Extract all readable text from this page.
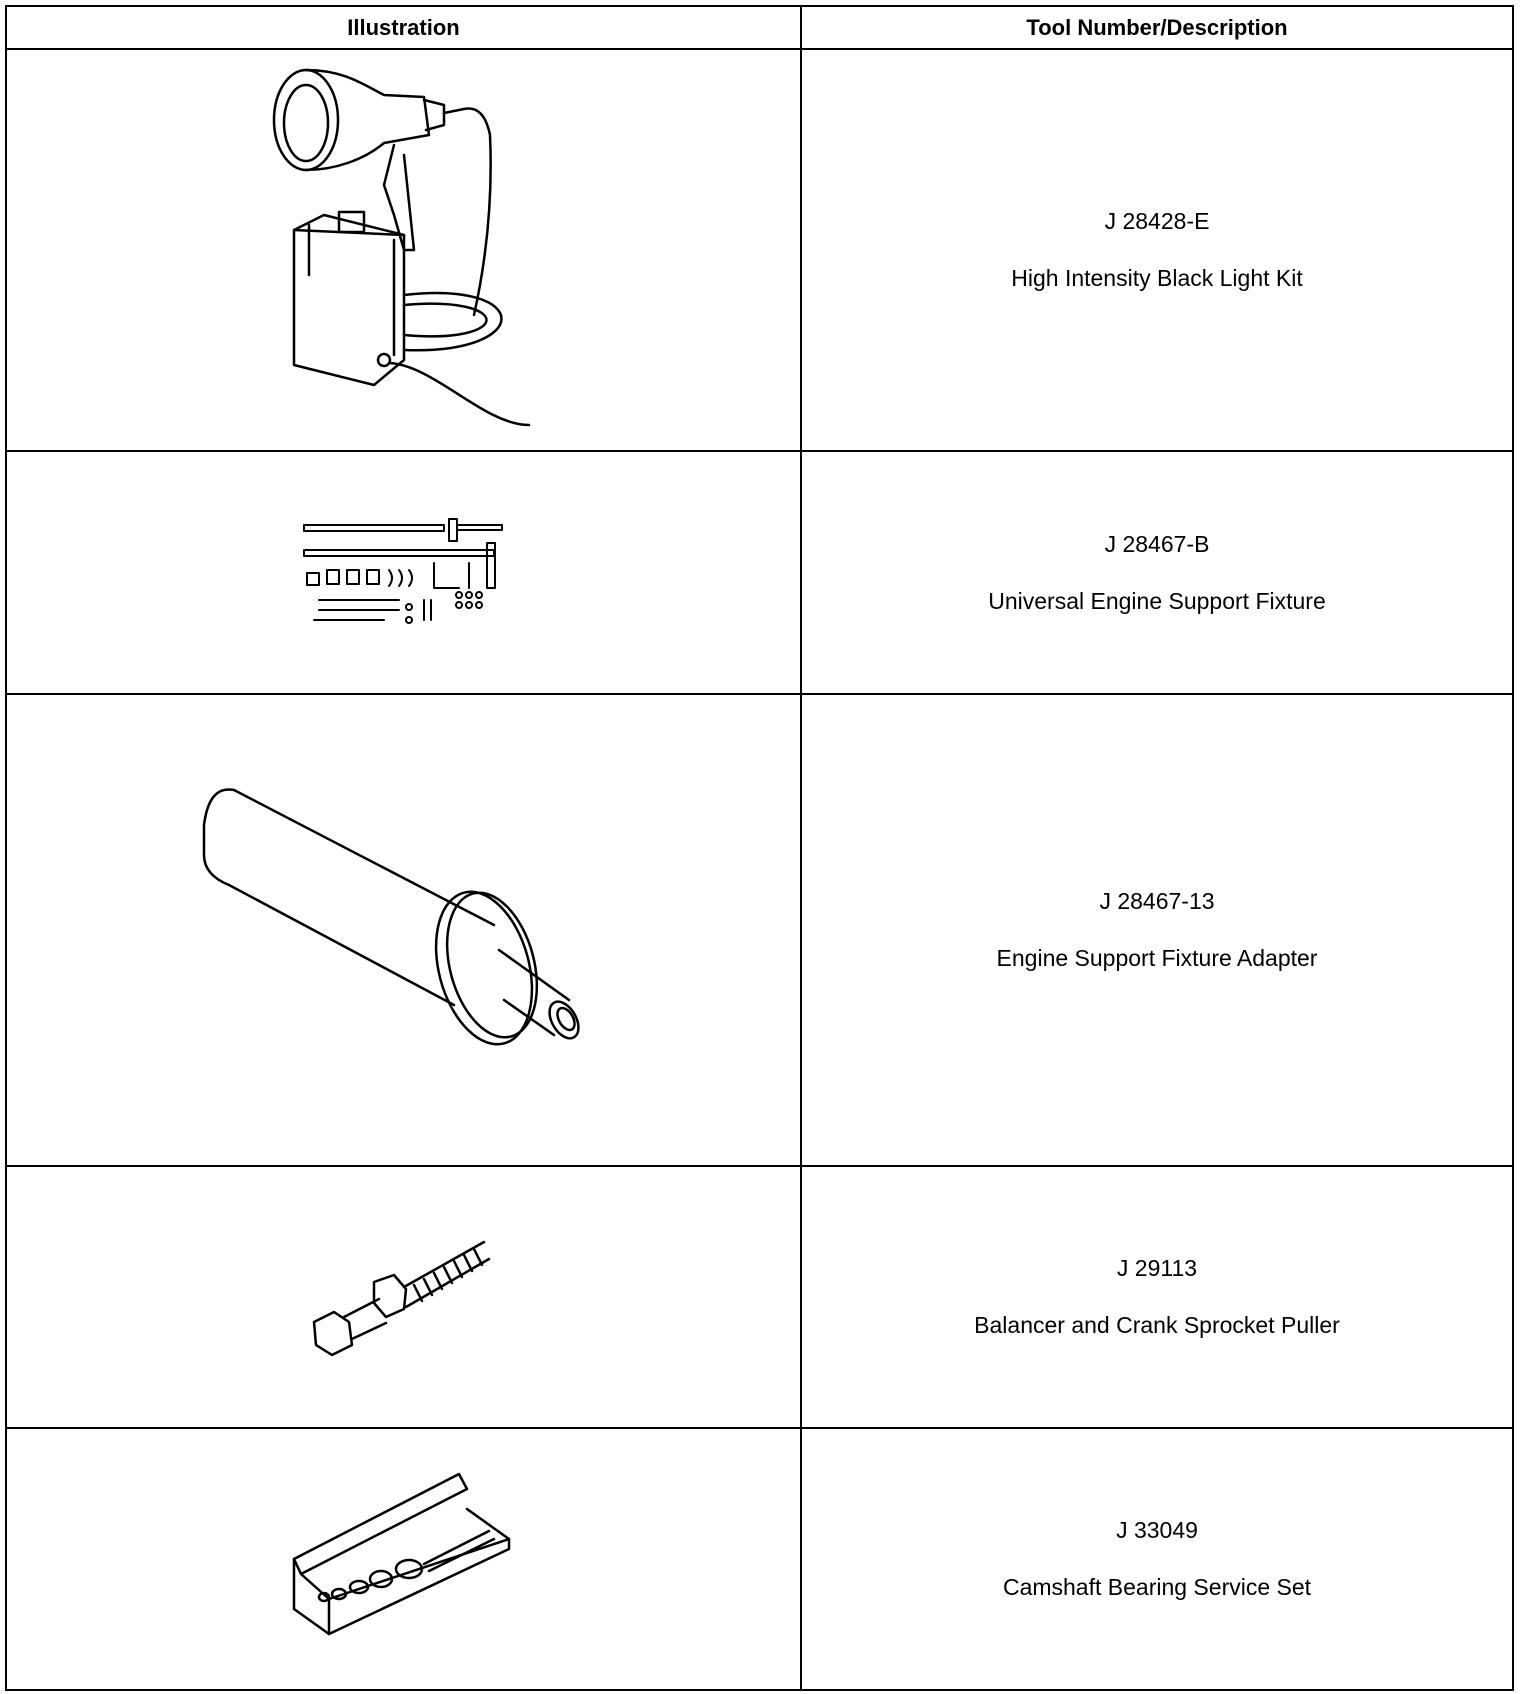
Illustration	Tool Number/Description

J 28428-E
High Intensity Black Light Kit

J 28467-B
Universal Engine Support Fixture

J 28467-13
Engine Support Fixture Adapter

J 29113
Balancer and Crank Sprocket Puller

J 33049
Camshaft Bearing Service Set
